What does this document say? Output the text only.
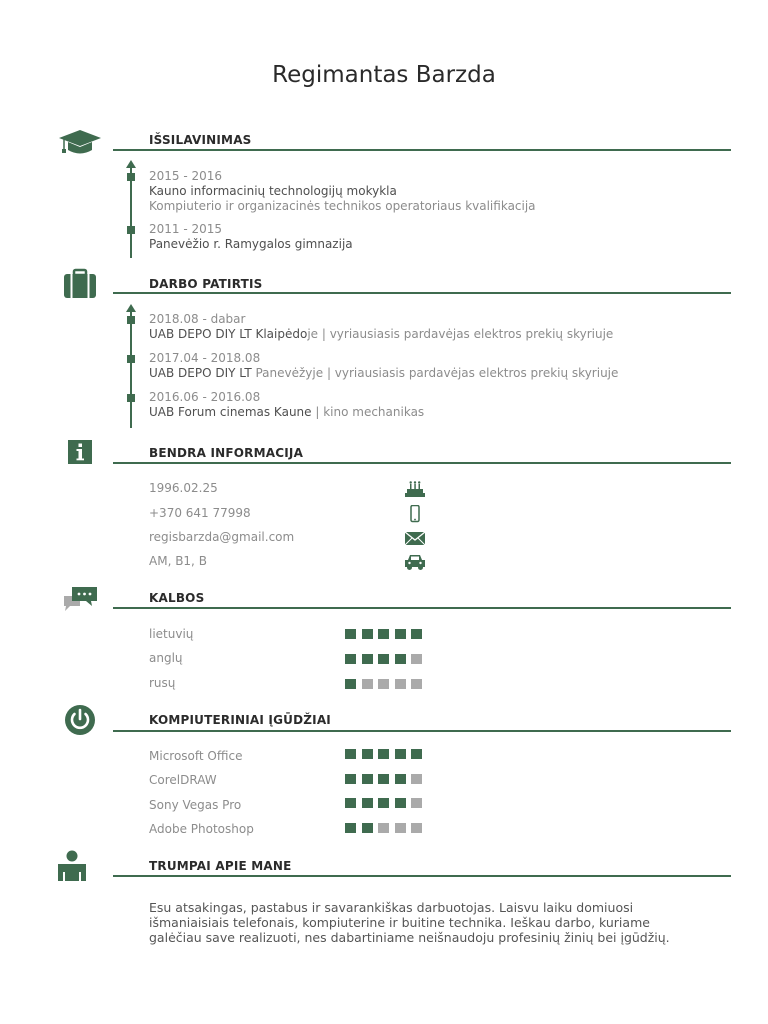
Regimantas Barzda
IŠSILAVINIMAS
2015 - 2016
Kauno informacinių technologijų mokykla
Kompiuterio ir organizacinės technikos operatoriaus kvalifikacija
2011 - 2015
Panevėžio r. Ramygalos gimnazija
DARBO PATIRTIS
2018.08 - dabar
UAB DEPO DIY LT Klaipėdoje | vyriausiasis pardavėjas elektros prekių skyriuje
2017.04 - 2018.08
UAB DEPO DIY LT Panevėžyje | vyriausiasis pardavėjas elektros prekių skyriuje
2016.06 - 2016.08
UAB Forum cinemas Kaune | kino mechanikas
BENDRA INFORMACIJA
1996.02.25
+370 641 77998
regisbarzda@gmail.com
AM, B1, B
KALBOS
lietuvių
anglų
rusų
KOMPIUTERINIAI ĮGŪDŽIAI
Microsoft Office
CorelDRAW
Sony Vegas Pro
Adobe Photoshop
TRUMPAI APIE MANE
Esu atsakingas, pastabus ir savarankiškas darbuotojas. Laisvu laiku domiuosi išmaniaisiais telefonais, kompiuterine ir buitine technika. Ieškau darbo, kuriame galėčiau save realizuoti, nes dabartiniame neišnaudoju profesinių žinių bei įgūdžių.
